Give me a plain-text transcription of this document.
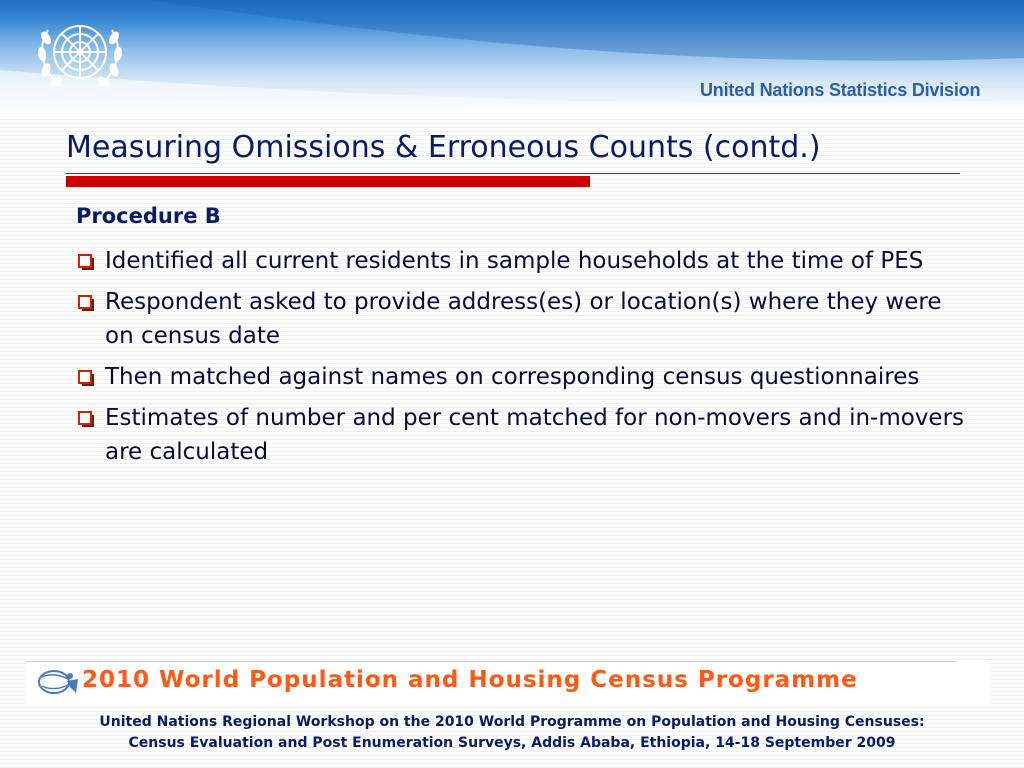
United Nations Statistics Division
Measuring Omissions & Erroneous Counts (contd.)
Procedure B
Identified all current residents in sample households at the time of PES
Respondent asked to provide address(es) or location(s) where they were on census date
Then matched against names on corresponding census questionnaires
Estimates of number and per cent matched for non-movers and in-movers are calculated
2010 World Population and Housing Census Programme
United Nations Regional Workshop on the 2010 World Programme on Population and Housing Censuses:
Census Evaluation and Post Enumeration Surveys, Addis Ababa, Ethiopia, 14-18 September 2009
